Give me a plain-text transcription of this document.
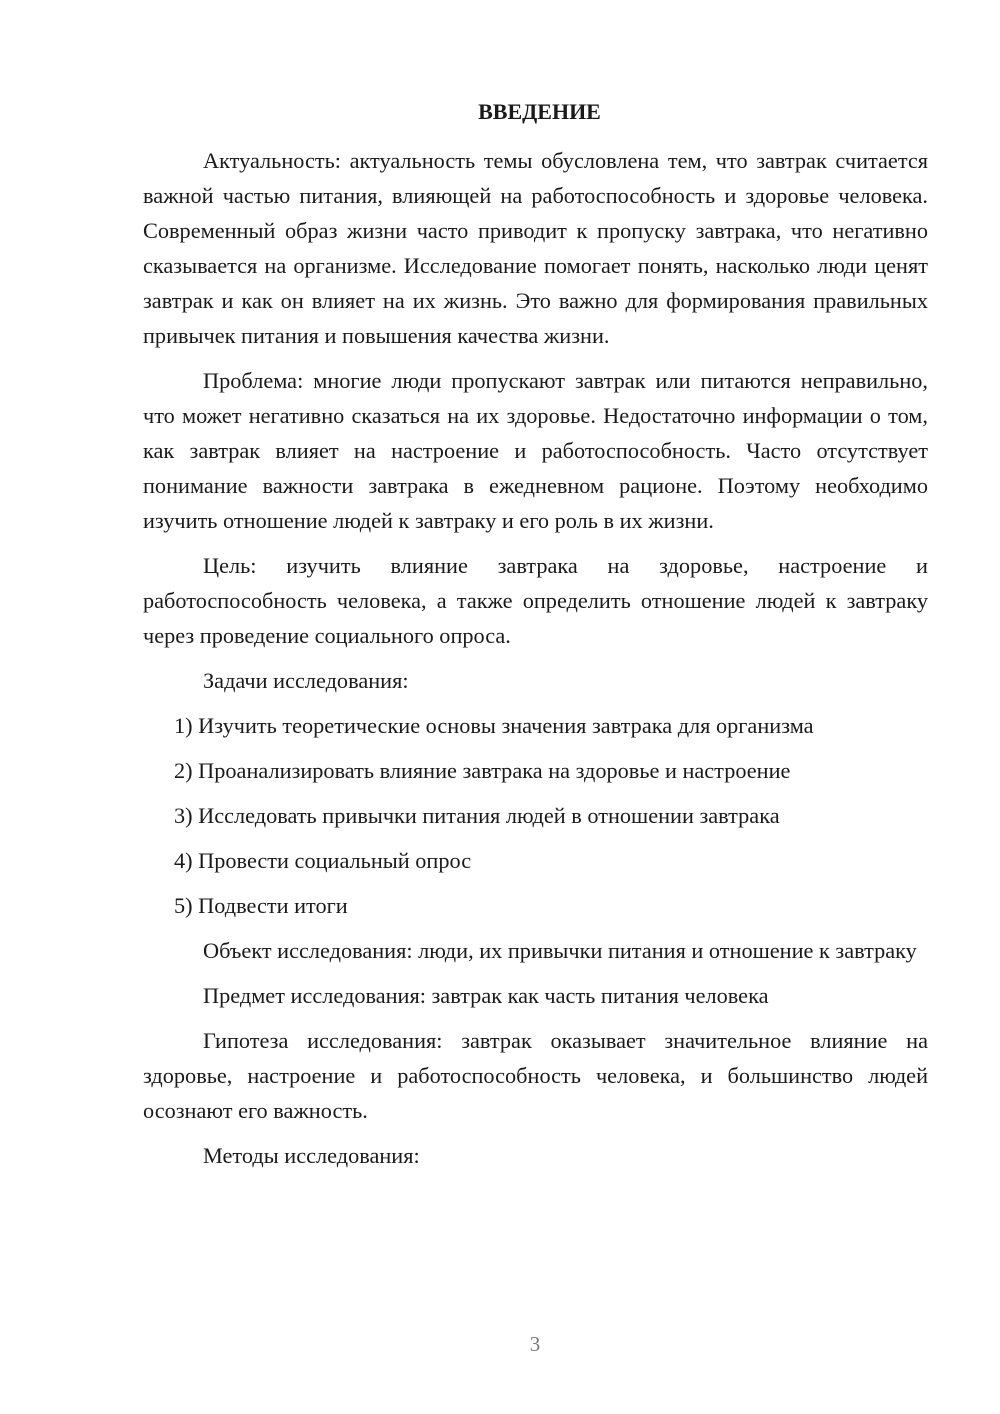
ВВЕДЕНИЕ
Актуальность: актуальность темы обусловлена тем, что завтрак считается важной частью питания, влияющей на работоспособность и здоровье человека. Современный образ жизни часто приводит к пропуску завтрака, что негативно сказывается на организме. Исследование помогает понять, насколько люди ценят завтрак и как он влияет на их жизнь. Это важно для формирования правильных привычек питания и повышения качества жизни.
Проблема: многие люди пропускают завтрак или питаются неправильно, что может негативно сказаться на их здоровье. Недостаточно информации о том, как завтрак влияет на настроение и работоспособность. Часто отсутствует понимание важности завтрака в ежедневном рационе. Поэтому необходимо изучить отношение людей к завтраку и его роль в их жизни.
Цель: изучить влияние завтрака на здоровье, настроение и работоспособность человека, а также определить отношение людей к завтраку через проведение социального опроса.
Задачи исследования:
1) Изучить теоретические основы значения завтрака для организма
2) Проанализировать влияние завтрака на здоровье и настроение
3) Исследовать привычки питания людей в отношении завтрака
4) Провести социальный опрос
5) Подвести итоги
Объект исследования: люди, их привычки питания и отношение к завтраку
Предмет исследования: завтрак как часть питания человека
Гипотеза исследования: завтрак оказывает значительное влияние на здоровье, настроение и работоспособность человека, и большинство людей осознают его важность.
Методы исследования:
3
